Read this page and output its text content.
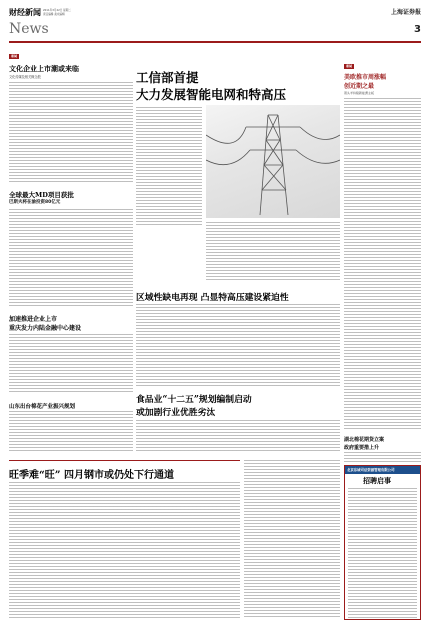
财经新闻 2011年3月22日 星期二
责任编辑 美术编辑
News
上海证券报
3
要闻
文化企业上市潮或来临
文化传媒及相关概念股
全球最大MD项目获批
巴斯夫将在渝投资80亿元
加速推进企业上市
重庆发力内陆金融中心建设
山东出台棉花产业振兴规划
工信部首提
大力发展智能电网和特高压
区域性缺电再现 凸显特高压建设紧迫性
食品业“十二五”规划编制启动
或加剧行业优胜劣汰
要闻
美欧推市周涨幅
创近期之最
领头羊持续新能源主板
湖北棉花期货立案
政府重要措上升
旺季难“旺” 四月钢市或仍处下行通道	北京东城司法资源管理有限公司
招聘启事
